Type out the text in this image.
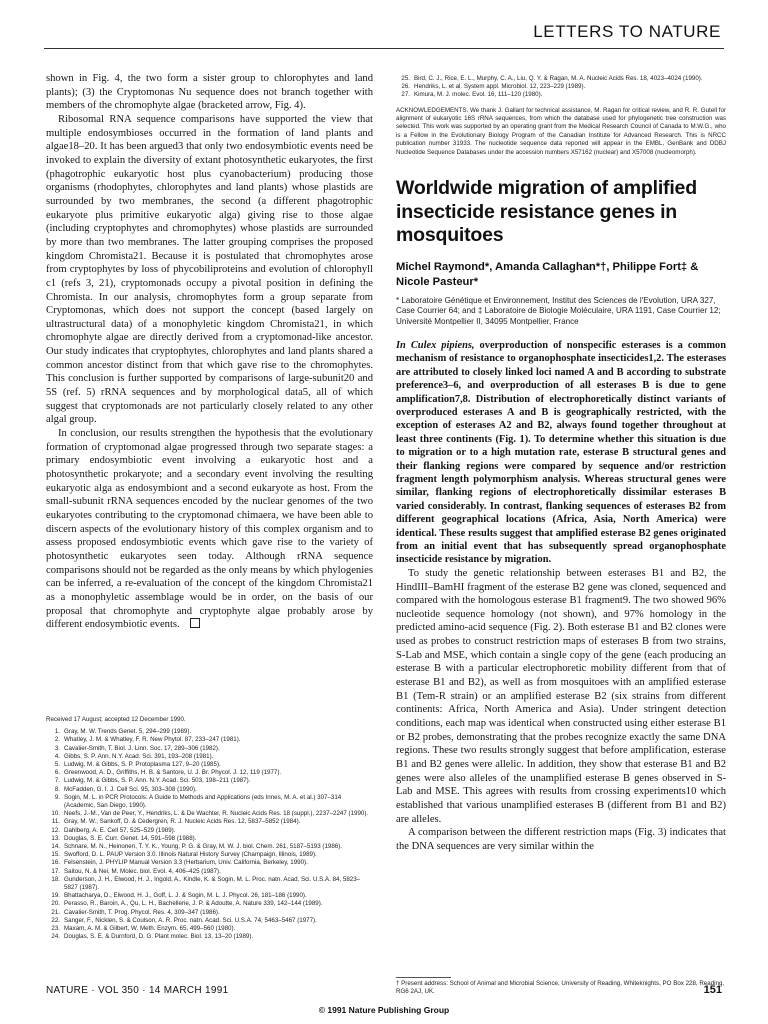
LETTERS TO NATURE

shown in Fig. 4, the two form a sister group to chlorophytes and land plants); (3) the Cryptomonas Nu sequence does not branch together with members of the chromophyte algae (bracketed arrow, Fig. 4).

Ribosomal RNA sequence comparisons have supported the view that multiple endosymbioses occurred in the formation of land plants and algae18–20. It has been argued3 that only two endosymbiotic events need be invoked to explain the diversity of extant photosynthetic eukaryotes, the first (phagotrophic eukaryotic host plus cyanobacterium) producing those organisms (rhodophytes, chlorophytes and land plants) whose plastids are surrounded by two membranes, the second (a different phagotrophic eukaryote plus primitive eukaryotic alga) giving rise to those algae (including cryptophytes and chromophytes) whose plastids are surrounded by more than two membranes. The latter grouping comprises the proposed kingdom Chromista21. Because it is postulated that chromophytes arose from cryptophytes by loss of phycobiliproteins and evolution of chlorophyll c1 (refs 3, 21), cryptomonads occupy a pivotal position in defining the Chromista. In our analysis, chromophytes form a group separate from Cryptomonas, which does not support the concept (based largely on ultrastructural data) of a monophyletic kingdom Chromista21, in which chromophyte algae are directly derived from a cryptomonad-like ancestor. Our study indicates that cryptophytes, chlorophytes and land plants shared a common ancestor distinct from that which gave rise to the chromophytes. This conclusion is further supported by comparisons of large-subunit20 and 5S (ref. 5) rRNA sequences and by morphological data5, all of which suggest that cryptomonads are not particularly closely related to any other algal group.

In conclusion, our results strengthen the hypothesis that the evolutionary formation of cryptomonad algae progressed through two separate stages: a primary endosymbiotic event involving a eukaryotic host and a photosynthetic prokaryote; and a secondary event involving the resulting eukaryotic alga as endosymbiont and a second eukaryote as host. From the small-subunit rRNA sequences encoded by the nuclear genomes of the two eukaryotes contributing to the cryptomonad chimaera, we have been able to discern aspects of the evolutionary history of this complex organism and to assess proposed endosymbiotic events which gave rise to the variety of photosynthetic eukaryotes seen today. Although rRNA sequence comparisons should not be regarded as the only means by which phylogenies can be inferred, a re-evaluation of the concept of the kingdom Chromista21 as a monophyletic assemblage would be in order, on the basis of our proposal that chromophyte and cryptophyte algae probably arose by different endosymbiotic events.

Received 17 August; accepted 12 December 1990.

1. Gray, M. W. Trends Genet. 5, 294–299 (1989).
2. Whatley, J. M. & Whatley, F. R. New Phytol. 87, 233–247 (1981).
3. Cavalier-Smith, T. Biol. J. Linn. Soc. 17, 289–306 (1982).
4. Gibbs, S. P. Ann. N.Y. Acad. Sci. 391, 193–208 (1981).
5. Ludwig, M. & Gibbs, S. P. Protoplasma 127, 9–20 (1985).
6. Greenwood, A. D., Griffiths, H. B. & Santore, U. J. Br. Phycol. J. 12, 119 (1977).
7. Ludwig, M. & Gibbs, S. P. Ann. N.Y. Acad. Sci. 503, 198–211 (1987).
8. McFadden, G. I. J. Cell Sci. 95, 303–308 (1990).
9. Sogin, M. L. in PCR Protocols: A Guide to Methods and Applications (eds Innes, M. A. et al.) 307–314 (Academic, San Diego, 1990).
10. Neefs, J.-M., Van de Peer, Y., Hendriks, L. & De Wachter, R. Nucleic Acids Res. 18 (suppl.), 2237–2247 (1990).
11. Gray, M. W., Sankoff, D. & Cedergren, R. J. Nucleic Acids Res. 12, 5837–5852 (1984).
12. Dahlberg, A. E. Cell 57, 525–529 (1989).
13. Douglas, S. E. Curr. Genet. 14, 591–598 (1988).
14. Schnare, M. N., Heinonen, T. Y. K., Young, P. G. & Gray, M. W. J. biol. Chem. 261, 5187–5193 (1986).
15. Swofford, D. L. PAUP Version 3.0. Illinois Natural History Survey (Champaign, Illinois, 1989).
16. Felsenstein, J. PHYLIP Manual Version 3.3 (Herbarium, Univ. California, Berkeley, 1990).
17. Saitou, N. & Nei, M. Molec. biol. Evol. 4, 406–425 (1987).
18. Gunderson, J. H., Elwood, H. J., Ingold, A., Kindle, K. & Sogin, M. L. Proc. natn. Acad. Sci. U.S.A. 84, 5823–5827 (1987).
19. Bhattacharya, D., Elwood, H. J., Goff, L. J. & Sogin, M. L. J. Phycol. 26, 181–186 (1990).
20. Perasso, R., Baroin, A., Qu, L. H., Bachellerie, J. P. & Adoutte, A. Nature 339, 142–144 (1989).
21. Cavalier-Smith, T. Prog. Phycol. Res. 4, 309–347 (1986).
22. Sanger, F., Nicklen, S. & Coulson, A. R. Proc. natn. Acad. Sci. U.S.A. 74, 5463–5467 (1977).
23. Maxam, A. M. & Gilbert, W. Meth. Enzym. 65, 499–560 (1980).
24. Douglas, S. E. & Durnford, D. G. Plant molec. Biol. 13, 13–20 (1989).
25. Bird, C. J., Rice, E. L., Murphy, C. A., Liu, Q. Y. & Ragan, M. A. Nucleic Acids Res. 18, 4023–4024 (1990).
26. Hendriks, L. et al. System appl. Microbiol. 12, 223–229 (1989).
27. Kimura, M. J. molec. Evol. 16, 111–120 (1980).

ACKNOWLEDGEMENTS. We thank J. Gallant for technical assistance, M. Ragan for critical review, and R. R. Gutell for alignment of eukaryotic 16S rRNA sequences, from which the database used for phylogenetic tree construction was selected. This work was supported by an operating grant from the Medical Research Council of Canada to M.W.G., who is a Fellow in the Evolutionary Biology Program of the Canadian Institute for Advanced Research. This is NRCC publication number 31933. The nucleotide sequence data reported will appear in the EMBL, GenBank and DDBJ Nucleotide Sequence Databases under the accession numbers X57162 (nuclear) and X57008 (nucleomorph).

Worldwide migration of amplified insecticide resistance genes in mosquitoes

Michel Raymond*, Amanda Callaghan*†, Philippe Fort‡ & Nicole Pasteur*

* Laboratoire Génétique et Environnement, Institut des Sciences de l'Evolution, URA 327, Case Courrier 64; and ‡ Laboratoire de Biologie Moléculaire, URA 1191, Case Courrier 12; Université Montpellier II, 34095 Montpellier, France

In Culex pipiens, overproduction of nonspecific esterases is a common mechanism of resistance to organophosphate insecticides1,2. The esterases are attributed to closely linked loci named A and B according to substrate preference3–6, and overproduction of all esterases B is due to gene amplification7,8. Distribution of electrophoretically distinct variants of overproduced esterases A and B is geographically restricted, with the exception of esterases A2 and B2, always found together throughout at least three continents (Fig. 1). To determine whether this situation is due to migration or to a high mutation rate, esterase B structural genes and their flanking regions were compared by sequence and/or restriction fragment length polymorphism analysis. Whereas structural genes were similar, flanking regions of electrophoretically dissimilar esterases B varied considerably. In contrast, flanking sequences of esterases B2 from different geographical locations (Africa, Asia, North America) were identical. These results suggest that amplified esterase B2 genes originated from an initial event that has subsequently spread organophosphate insecticide resistance by migration.

To study the genetic relationship between esterases B1 and B2, the HindIII–BamHI fragment of the esterase B2 gene was cloned, sequenced and compared with the homologous esterase B1 fragment9. The two showed 96% nucleotide sequence homology (not shown), and 97% homology in the predicted amino-acid sequence (Fig. 2). Both esterase B1 and B2 clones were used as probes to construct restriction maps of esterases B from two strains, S-Lab and MSE, which contain a single copy of the gene (each producing an esterase B with a particular electrophoretic mobility different from that of esterase B1 and B2), as well as from mosquitoes with an amplified esterase B1 (Tem-R strain) or an amplified esterase B2 (six strains from different continents: Africa, North America and Asia). Under stringent detection conditions, each map was identical when constructed using either esterase B1 or B2 probes, demonstrating that the probes recognize exactly the same DNA regions. These two results strongly suggest that before amplification, esterase B1 and B2 genes were allelic. In addition, they show that esterase B1 and B2 genes were also alleles of the unamplified esterase B genes observed in S-Lab and MSE. This agrees with results from crossing experiments10 which established that various unamplified esterases B (different from B1 and B2) are alleles.

A comparison between the different restriction maps (Fig. 3) indicates that the DNA sequences are very similar within the

† Present address: School of Animal and Microbial Science, University of Reading, Whiteknights, PO Box 228, Reading, RG6 2AJ, UK.
NATURE · VOL 350 · 14 MARCH 1991	151
© 1991 Nature Publishing Group
